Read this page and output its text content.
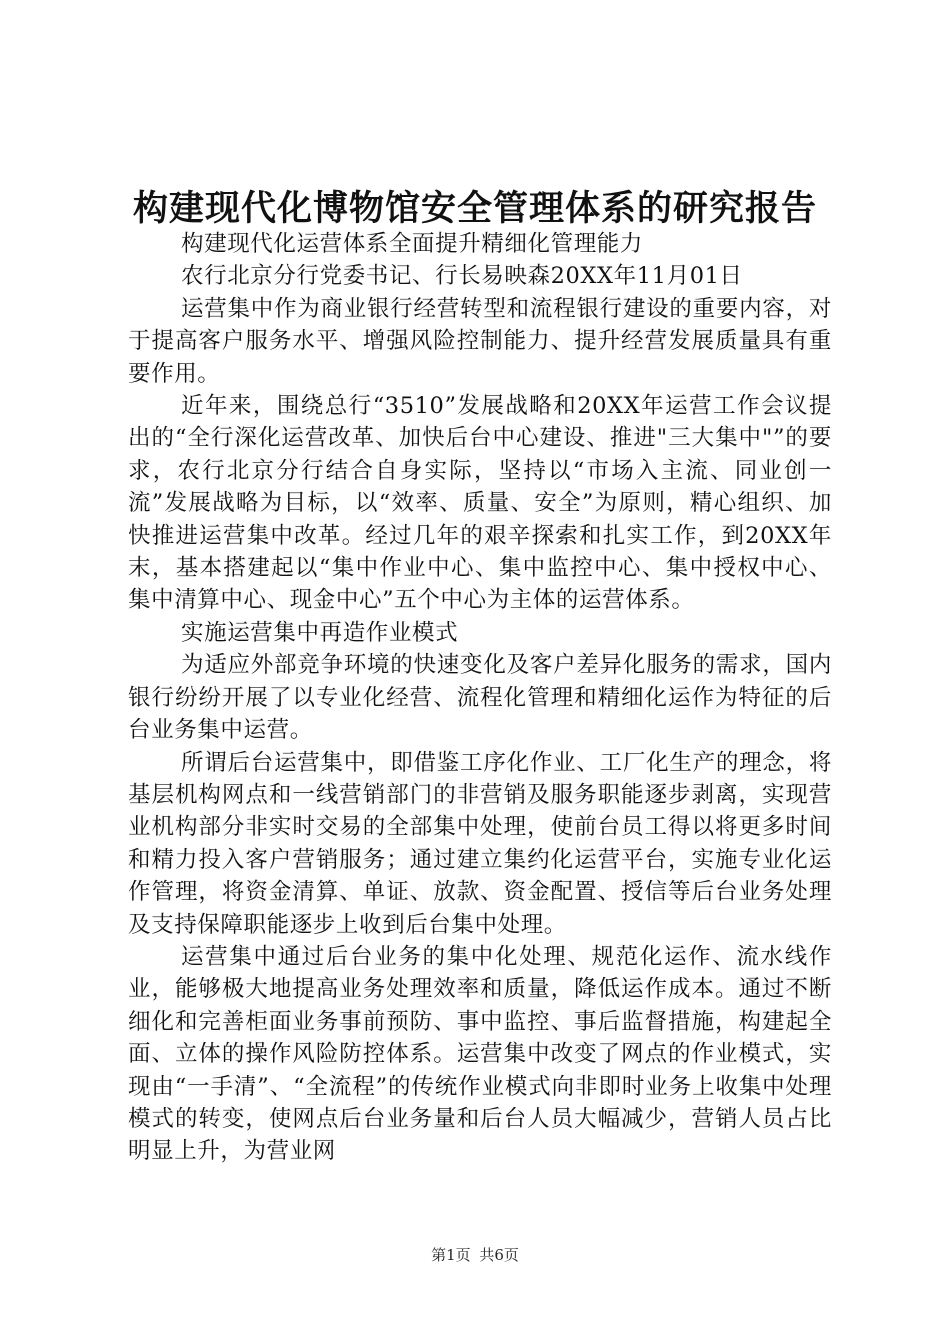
构建现代化博物馆安全管理体系的研究报告

构建现代化运营体系全面提升精细化管理能力

农行北京分行党委书记、行长易映森20XX年11月01日

运营集中作为商业银行经营转型和流程银行建设的重要内容，对于提高客户服务水平、增强风险控制能力、提升经营发展质量具有重要作用。

近年来，围绕总行“3510”发展战略和20XX年运营工作会议提出的“全行深化运营改革、加快后台中心建设、推进"三大集中"”的要求，农行北京分行结合自身实际，坚持以“市场入主流、同业创一流”发展战略为目标，以“效率、质量、安全”为原则，精心组织、加快推进运营集中改革。经过几年的艰辛探索和扎实工作，到20XX年末，基本搭建起以“集中作业中心、集中监控中心、集中授权中心、集中清算中心、现金中心”五个中心为主体的运营体系。

实施运营集中再造作业模式

为适应外部竞争环境的快速变化及客户差异化服务的需求，国内银行纷纷开展了以专业化经营、流程化管理和精细化运作为特征的后台业务集中运营。

所谓后台运营集中，即借鉴工序化作业、工厂化生产的理念，将基层机构网点和一线营销部门的非营销及服务职能逐步剥离，实现营业机构部分非实时交易的全部集中处理，使前台员工得以将更多时间和精力投入客户营销服务；通过建立集约化运营平台，实施专业化运作管理，将资金清算、单证、放款、资金配置、授信等后台业务处理及支持保障职能逐步上收到后台集中处理。

运营集中通过后台业务的集中化处理、规范化运作、流水线作业，能够极大地提高业务处理效率和质量，降低运作成本。通过不断细化和完善柜面业务事前预防、事中监控、事后监督措施，构建起全面、立体的操作风险防控体系。运营集中改变了网点的作业模式，实现由“一手清”、“全流程”的传统作业模式向非即时业务上收集中处理模式的转变，使网点后台业务量和后台人员大幅减少，营销人员占比明显上升，为营业网

第1页 共6页
